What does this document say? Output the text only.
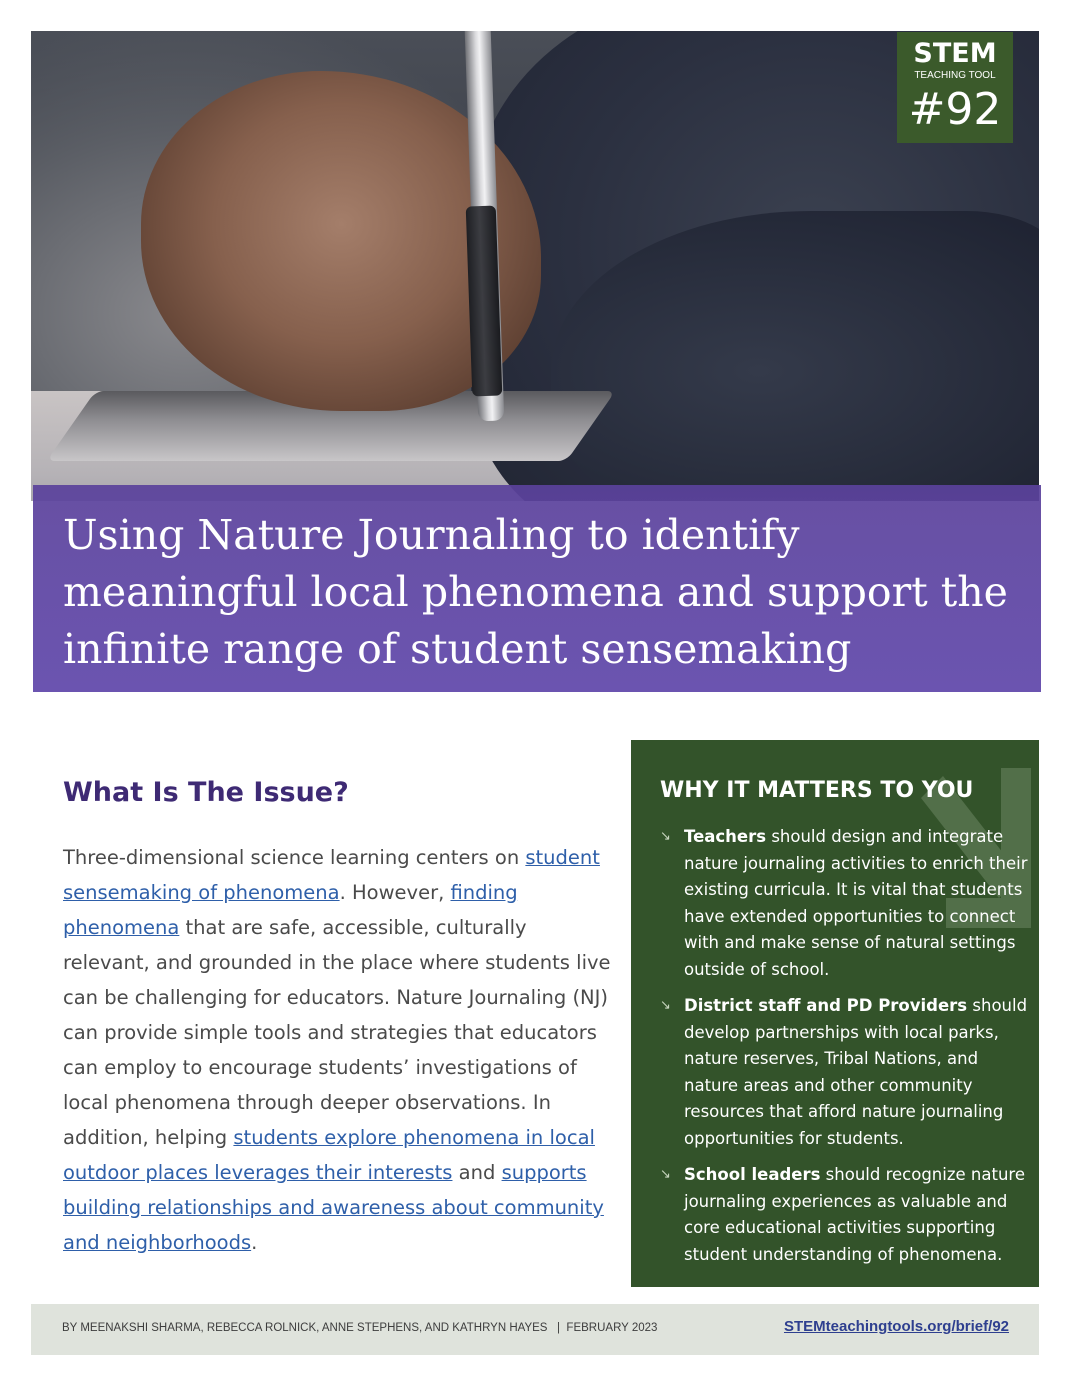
STEM
TEACHING TOOL
#92
Using Nature Journaling to identify meaningful local phenomena and support the infinite range of student sensemaking
What Is The Issue?

Three-dimensional science learning centers on student sensemaking of phenomena. However, finding phenomena that are safe, accessible, culturally relevant, and grounded in the place where students live can be challenging for educators. Nature Journaling (NJ) can provide simple tools and strategies that educators can employ to encourage students’ investigations of local phenomena through deeper observations. In addition, helping students explore phenomena in local outdoor places leverages their interests and supports building relationships and awareness about community and neighborhoods.

WHY IT MATTERS TO YOU
↘ Teachers should design and integrate nature journaling activities to enrich their existing curricula. It is vital that students have extended opportunities to connect with and make sense of natural settings outside of school.
↘ District staff and PD Providers should develop partnerships with local parks, nature reserves, Tribal Nations, and nature areas and other community resources that afford nature journaling opportunities for students.
↘ School leaders should recognize nature journaling experiences as valuable and core educational activities supporting student understanding of phenomena.
BY MEENAKSHI SHARMA, REBECCA ROLNICK, ANNE STEPHENS, AND KATHRYN HAYES   |  FEBRUARY 2023	STEMteachingtools.org/brief/92
